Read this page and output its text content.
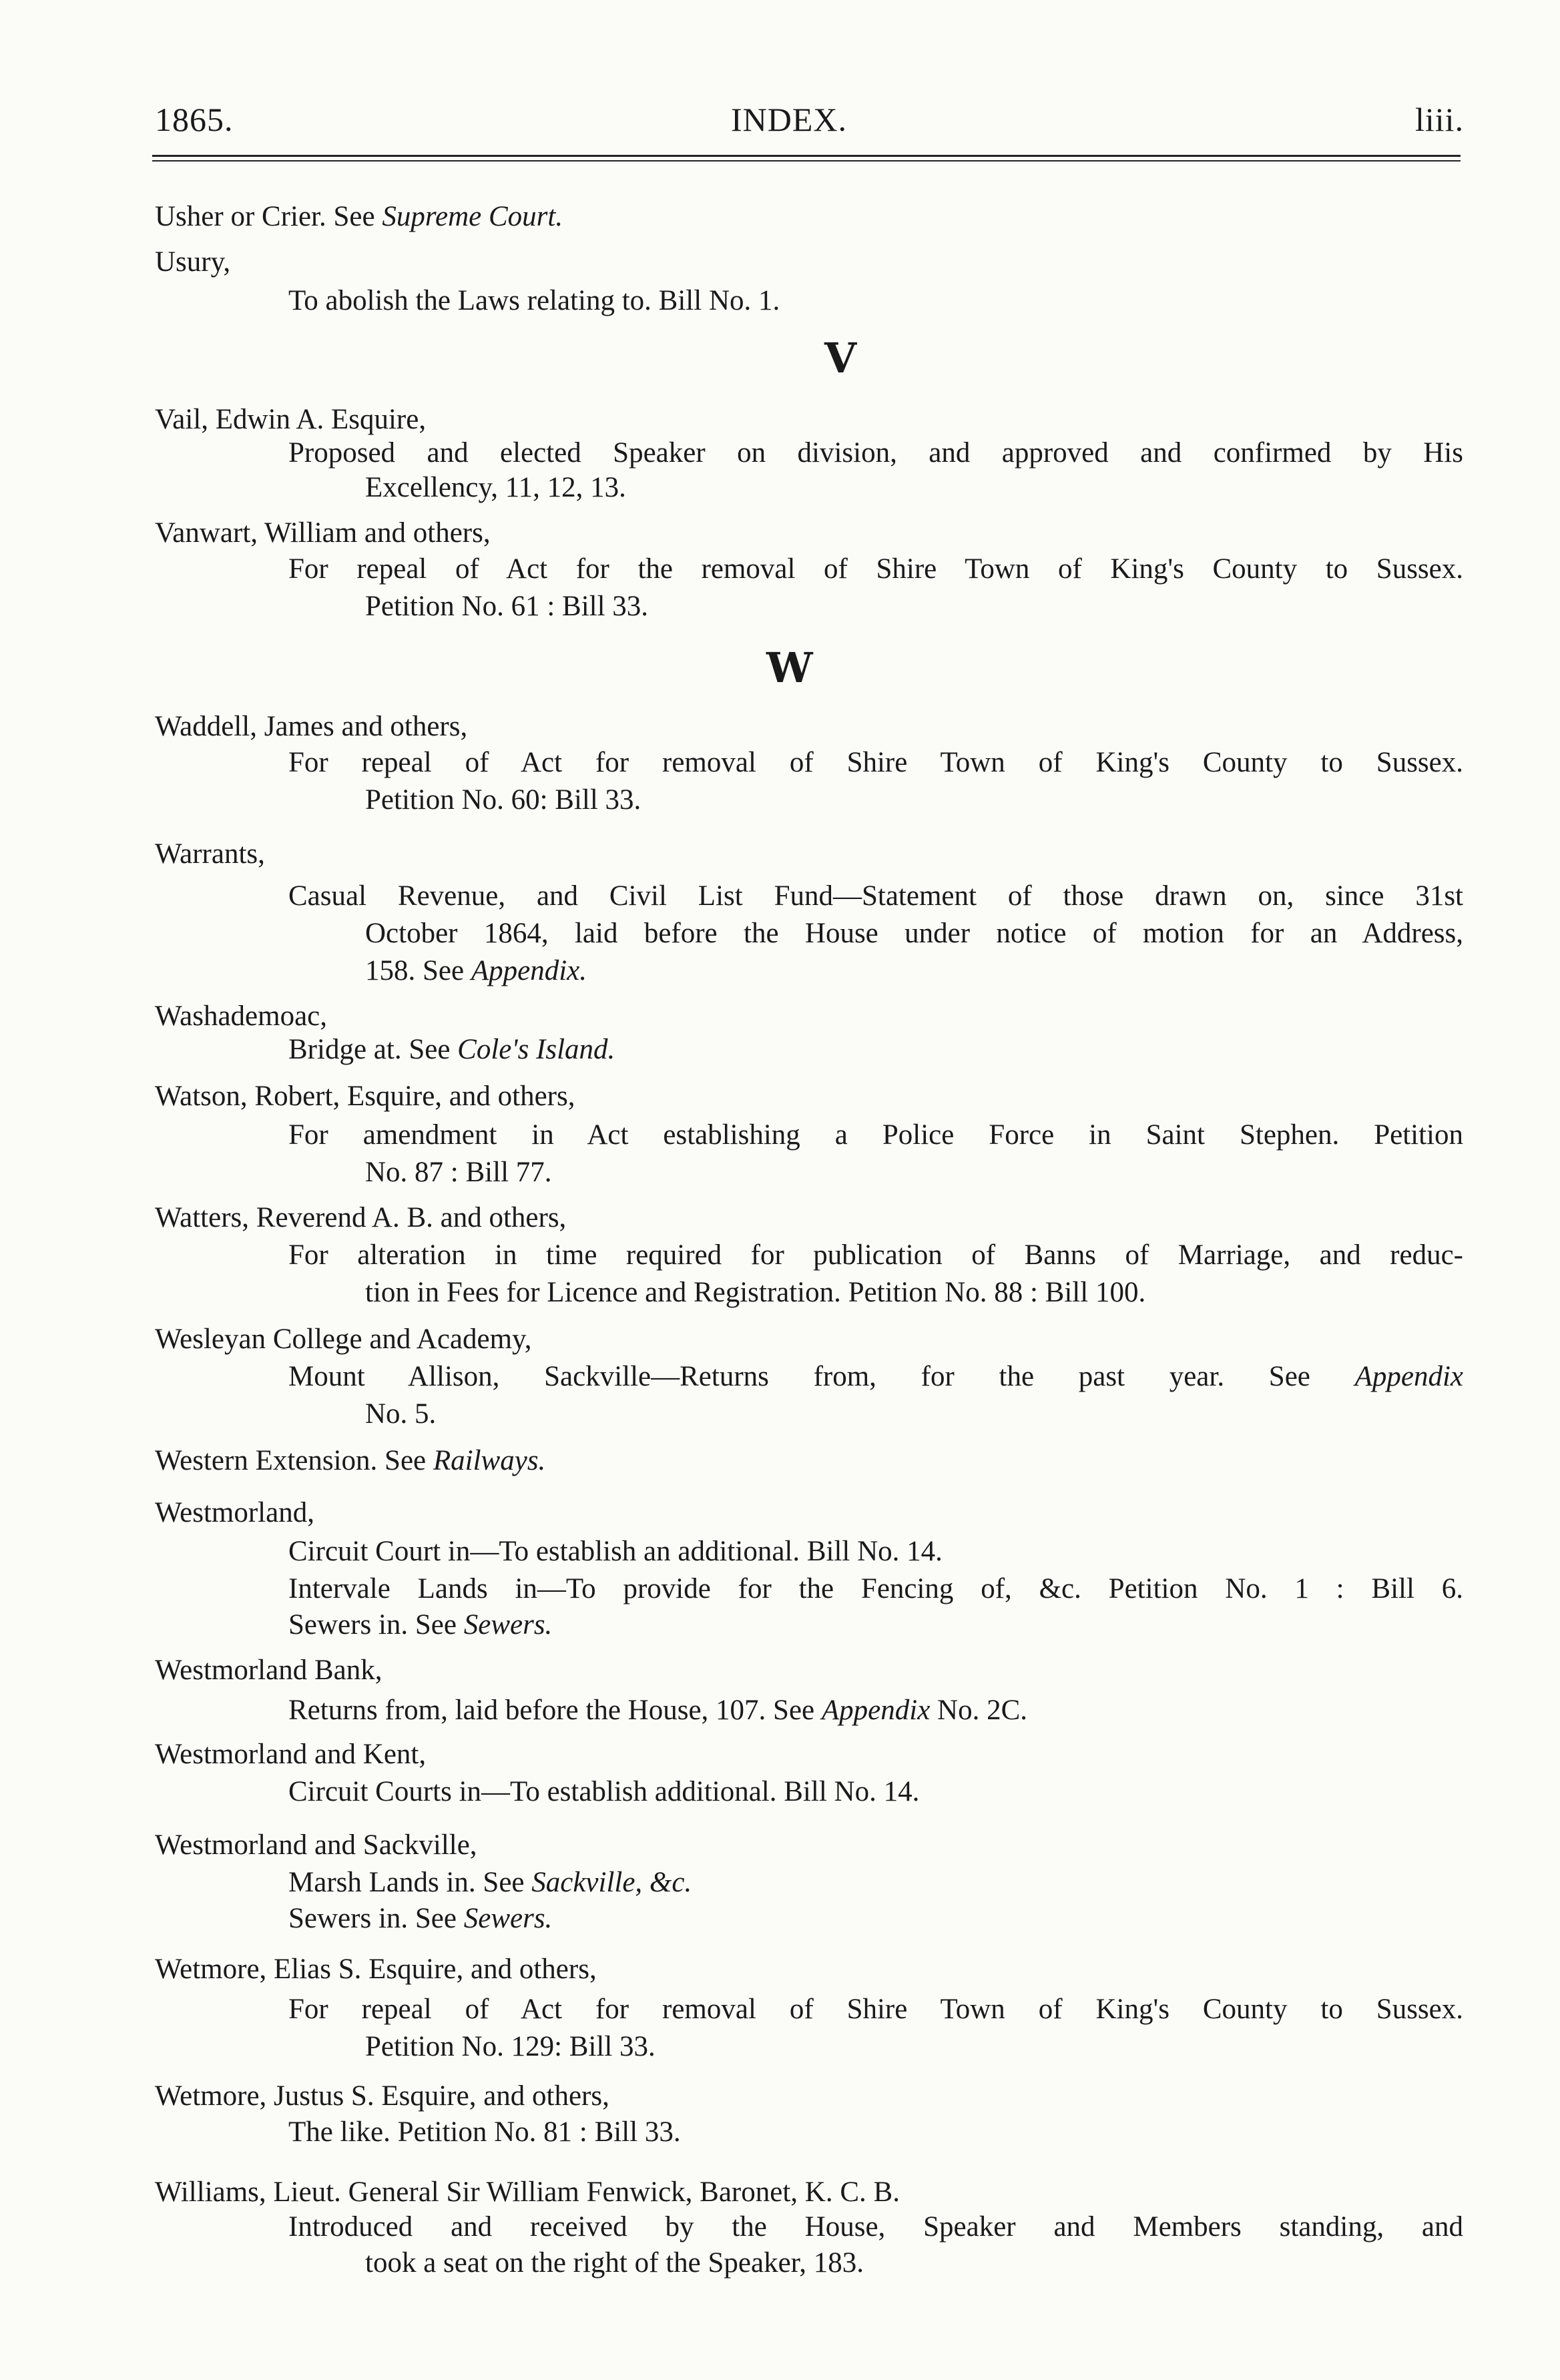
1865.	INDEX.	liii.
Usher or Crier. See Supreme Court.
Usury,
To abolish the Laws relating to. Bill No. 1.
V
Vail, Edwin A. Esquire,
Proposed and elected Speaker on division, and approved and confirmed by His
Excellency, 11, 12, 13.
Vanwart, William and others,
For repeal of Act for the removal of Shire Town of King's County to Sussex.
Petition No. 61 : Bill 33.
W
Waddell, James and others,
For repeal of Act for removal of Shire Town of King's County to Sussex.
Petition No. 60: Bill 33.
Warrants,
Casual Revenue, and Civil List Fund—Statement of those drawn on, since 31st
October 1864, laid before the House under notice of motion for an Address,
158. See Appendix.
Washademoac,
Bridge at. See Cole's Island.
Watson, Robert, Esquire, and others,
For amendment in Act establishing a Police Force in Saint Stephen. Petition
No. 87 : Bill 77.
Watters, Reverend A. B. and others,
For alteration in time required for publication of Banns of Marriage, and reduc-
tion in Fees for Licence and Registration. Petition No. 88 : Bill 100.
Wesleyan College and Academy,
Mount Allison, Sackville—Returns from, for the past year. See Appendix
No. 5.
Western Extension. See Railways.
Westmorland,
Circuit Court in—To establish an additional. Bill No. 14.
Intervale Lands in—To provide for the Fencing of, &c. Petition No. 1 : Bill 6.
Sewers in. See Sewers.
Westmorland Bank,
Returns from, laid before the House, 107. See Appendix No. 2C.
Westmorland and Kent,
Circuit Courts in—To establish additional. Bill No. 14.
Westmorland and Sackville,
Marsh Lands in. See Sackville, &c.
Sewers in. See Sewers.
Wetmore, Elias S. Esquire, and others,
For repeal of Act for removal of Shire Town of King's County to Sussex.
Petition No. 129: Bill 33.
Wetmore, Justus S. Esquire, and others,
The like. Petition No. 81 : Bill 33.
Williams, Lieut. General Sir William Fenwick, Baronet, K. C. B.
Introduced and received by the House, Speaker and Members standing, and
took a seat on the right of the Speaker, 183.
